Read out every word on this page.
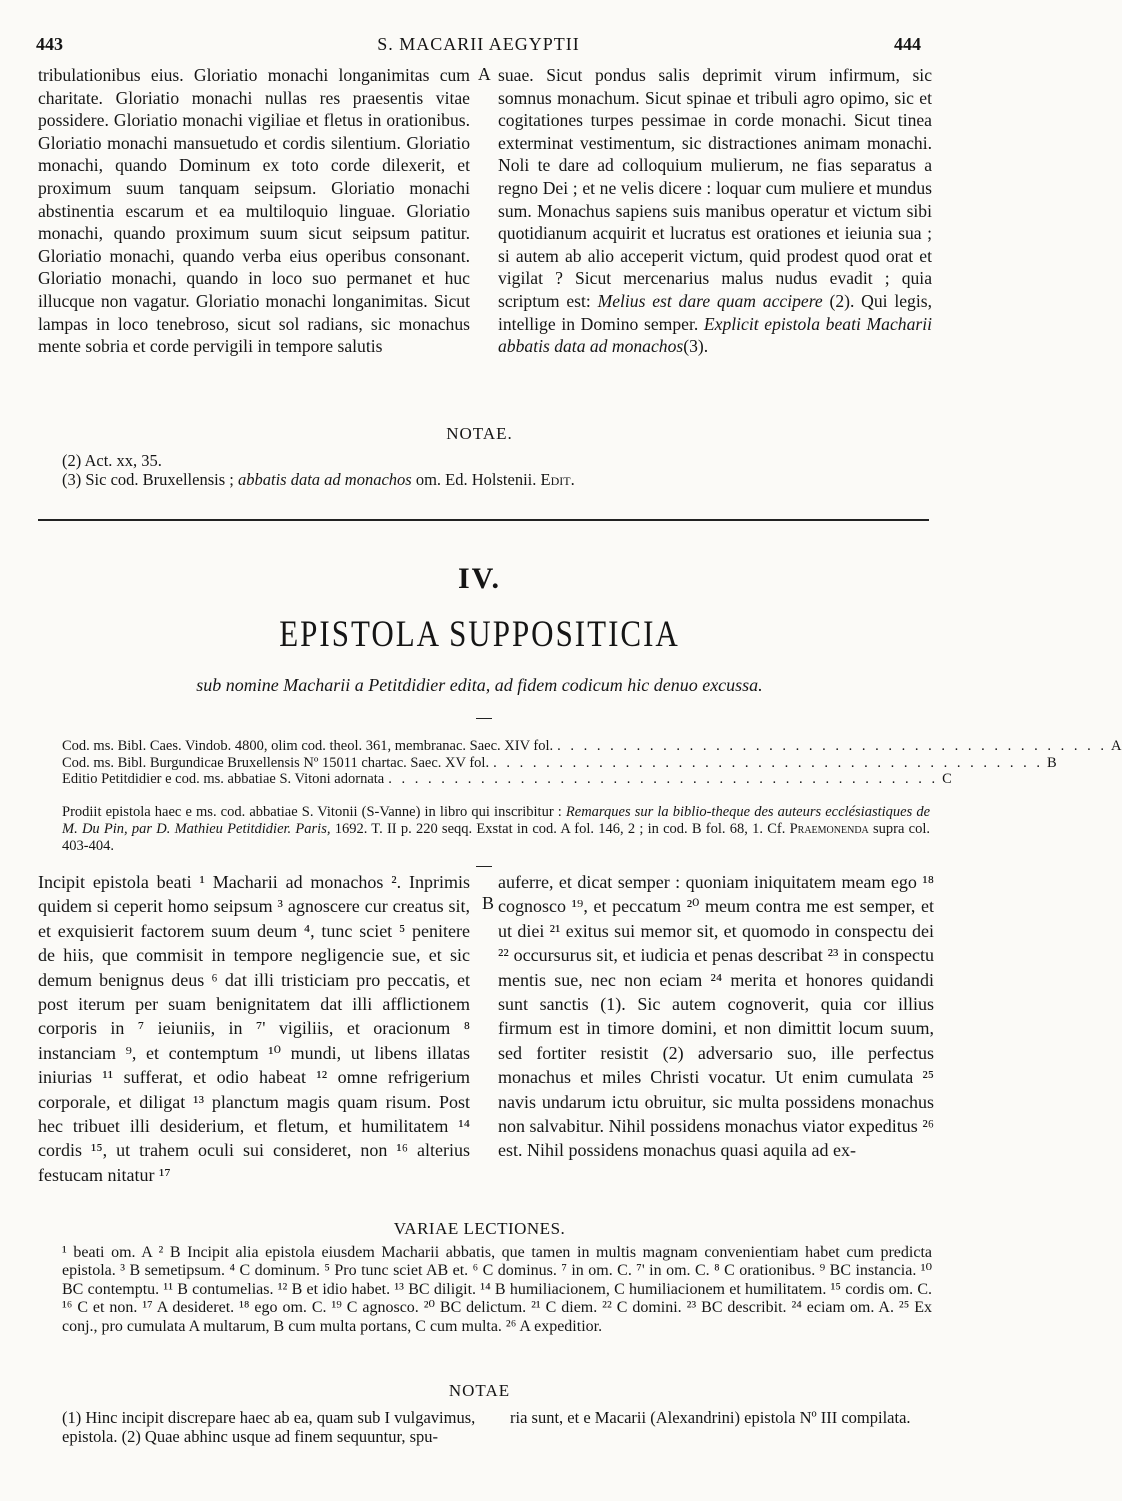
443	S. MACARII AEGYPTII	444

tribulationibus eius. Gloriatio monachi longanimitas cum charitate. Gloriatio monachi nullas res praesentis vitae possidere. Gloriatio monachi vigiliae et fletus in orationibus. Gloriatio monachi mansuetudo et cordis silentium. Gloriatio monachi, quando Dominum ex toto corde dilexerit, et proximum suum tanquam seipsum. Gloriatio monachi abstinentia escarum et ea multiloquio linguae. Gloriatio monachi, quando proximum suum sicut seipsum patitur. Gloriatio monachi, quando verba eius operibus consonant. Gloriatio monachi, quando in loco suo permanet et huc illucque non vagatur. Gloriatio monachi longanimitas. Sicut lampas in loco tenebroso, sicut sol radians, sic monachus mente sobria et corde pervigili in tempore salutis

A suae. Sicut pondus salis deprimit virum infirmum, sic somnus monachum. Sicut spinae et tribuli agro opimo, sic et cogitationes turpes pessimae in corde monachi. Sicut tinea exterminat vestimentum, sic distractiones animam monachi. Noli te dare ad colloquium mulierum, ne fias separatus a regno Dei ; et ne velis dicere : loquar cum muliere et mundus sum. Monachus sapiens suis manibus operatur et victum sibi quotidianum acquirit et lucratus est orationes et ieiunia sua ; si autem ab alio acceperit victum, quid prodest quod orat et vigilat ? Sicut mercenarius malus nudus evadit ; quia scriptum est: Melius est dare quam accipere (2). Qui legis, intellige in Domino semper. Explicit epistola beati Macharii abbatis data ad monachos(3).

NOTAE.
(2) Act. xx, 35.
(3) Sic cod. Bruxellensis ; abbatis data ad monachos om. Ed. Holstenii. Edit.
IV.
EPISTOLA SUPPOSITICIA
sub nomine Macharii a Petitdidier edita, ad fidem codicum hic denuo excussa.
Cod. ms. Bibl. Caes. Vindob. 4800, olim cod. theol. 361, membranac. Saec. XIV fol. . . . . . . . . . . . . . . . . . . . . . . . . . . . . . . . . . . . . . . . . . . A
Cod. ms. Bibl. Burgundicae Bruxellensis Nº 15011 chartac. Saec. XV fol. . . . . . . . . . . . . . . . . . . . . . . . . . . . . . . . . . . . . . . . . . . B
Editio Petitdidier e cod. ms. abbatiae S. Vitoni adornata . . . . . . . . . . . . . . . . . . . . . . . . . . . . . . . . . . . . . . . . . . C
Prodiit epistola haec e ms. cod. abbatiae S. Vitonii (S-Vanne) in libro qui inscribitur : Remarques sur la biblio-theque des auteurs ecclésiastiques de M. Du Pin, par D. Mathieu Petitdidier. Paris, 1692. T. II p. 220 seqq. Exstat in cod. A fol. 146, 2 ; in cod. B fol. 68, 1. Cf. Praemonenda supra col. 403-404.

Incipit epistola beati ¹ Macharii ad monachos ². Inprimis quidem si ceperit homo seipsum ³ agnoscere cur creatus sit, et exquisierit factorem suum deum ⁴, tunc sciet ⁵ penitere de hiis, que commisit in tempore negligencie sue, et sic demum benignus deus ⁶ dat illi tristiciam pro peccatis, et post iterum per suam benignitatem dat illi afflictionem corporis in ⁷ ieiuniis, in ⁷' vigiliis, et oracionum ⁸ instanciam ⁹, et contemptum ¹⁰ mundi, ut libens illatas iniurias ¹¹ sufferat, et odio habeat ¹² omne refrigerium corporale, et diligat ¹³ planctum magis quam risum. Post hec tribuet illi desiderium, et fletum, et humilitatem ¹⁴ cordis ¹⁵, ut trahem oculi sui consideret, non ¹⁶ alterius festucam nitatur ¹⁷

B

auferre, et dicat semper : quoniam iniquitatem meam ego ¹⁸ cognosco ¹⁹, et peccatum ²⁰ meum contra me est semper, et ut diei ²¹ exitus sui memor sit, et quomodo in conspectu dei ²² occursurus sit, et iudicia et penas describat ²³ in conspectu mentis sue, nec non eciam ²⁴ merita et honores quidandi sunt sanctis (1). Sic autem cognoverit, quia cor illius firmum est in timore domini, et non dimittit locum suum, sed fortiter resistit (2) adversario suo, ille perfectus monachus et miles Christi vocatur. Ut enim cumulata ²⁵ navis undarum ictu obruitur, sic multa possidens monachus non salvabitur. Nihil possidens monachus viator expeditus ²⁶ est. Nihil possidens monachus quasi aquila ad ex-

VARIAE LECTIONES.
¹ beati om. A ² B Incipit alia epistola eiusdem Macharii abbatis, que tamen in multis magnam convenientiam habet cum predicta epistola. ³ B semetipsum. ⁴ C dominum. ⁵ Pro tunc sciet AB et. ⁶ C dominus. ⁷ in om. C. ⁷' in om. C. ⁸ C orationibus. ⁹ BC instancia. ¹⁰ BC contemptu. ¹¹ B contumelias. ¹² B et idio habet. ¹³ BC diligit. ¹⁴ B humiliacionem, C humiliacionem et humilitatem. ¹⁵ cordis om. C. ¹⁶ C et non. ¹⁷ A desideret. ¹⁸ ego om. C. ¹⁹ C agnosco. ²⁰ BC delictum. ²¹ C diem. ²² C domini. ²³ BC describit. ²⁴ eciam om. A. ²⁵ Ex conj., pro cumulata A multarum, B cum multa portans, C cum multa. ²⁶ A expeditior.
NOTAE
(1) Hinc incipit discrepare haec ab ea, quam sub I vulgavimus, epistola. (2) Quae abhinc usque ad finem sequuntur, spu-
ria sunt, et e Macarii (Alexandrini) epistola Nº III compilata.
